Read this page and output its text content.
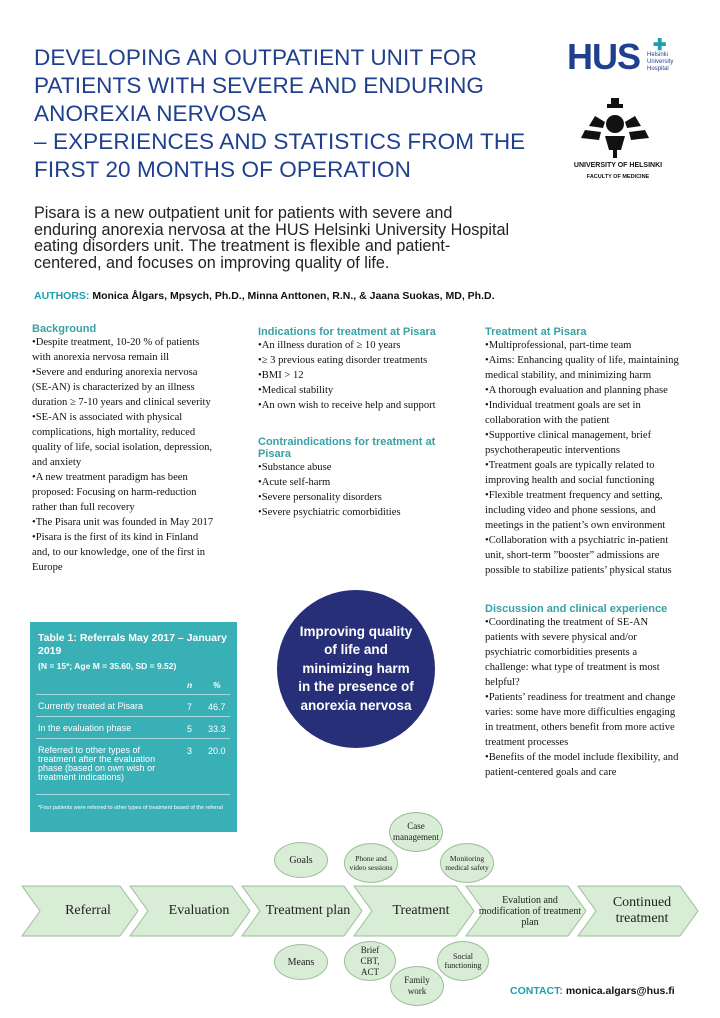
DEVELOPING AN OUTPATIENT UNIT FOR
PATIENTS WITH SEVERE AND ENDURING
ANOREXIA NERVOSA
– EXPERIENCES AND STATISTICS FROM THE
FIRST 20 MONTHS OF OPERATION
HUS ✚
Helsinki
University
Hospital
UNIVERSITY OF HELSINKI
FACULTY OF MEDICINE
Pisara is a new outpatient unit for patients with severe and
enduring anorexia nervosa at the HUS Helsinki University Hospital
eating disorders unit. The treatment is flexible and patient-
centered, and focuses on improving quality of life.
AUTHORS: Monica Ålgars, Mpsych, Ph.D., Minna Anttonen, R.N., & Jaana Suokas, MD, Ph.D.
Background
•Despite treatment, 10-20 % of patients
with anorexia nervosa remain ill
•Severe and enduring anorexia nervosa
(SE-AN) is characterized by an illness
duration ≥ 7-10 years and clinical severity
•SE-AN is associated with physical
complications, high mortality, reduced
quality of life, social isolation, depression,
and anxiety
•A new treatment paradigm has been
proposed: Focusing on harm-reduction
rather than full recovery
•The Pisara unit was founded in May 2017
•Pisara is the first of its kind in Finland
and, to our knowledge, one of the first in
Europe
Indications for treatment at Pisara
•An illness duration of ≥ 10 years
•≥ 3 previous eating disorder treatments
•BMI > 12
•Medical stability
•An own wish to receive help and support
Contraindications for treatment at
Pisara
•Substance abuse
•Acute self-harm
•Severe personality disorders
•Severe psychiatric comorbidities
Treatment at Pisara
•Multiprofessional, part-time team
•Aims: Enhancing quality of life, maintaining
medical stability, and minimizing harm
•A thorough evaluation and planning phase
•Individual treatment goals are set in
collaboration with the patient
•Supportive clinical management, brief
psychotherapeutic interventions
•Treatment goals are typically related to
improving health and social functioning
•Flexible treatment frequency and setting,
including video and phone sessions, and
meetings in the patient’s own environment
•Collaboration with a psychiatric in-patient
unit, short-term ”booster” admissions are
possible to stabilize patients’ physical status
Discussion and clinical experience
•Coordinating the treatment of SE-AN
patients with severe physical and/or
psychiatric comorbidities presents a
challenge: what type of treatment is most
helpful?
•Patients’ readiness for treatment and change
varies: some have more difficulties engaging
in treatment, others benefit from more active
treatment processes
•Benefits of the model include flexibility, and
patient-centered goals and care
Table 1: Referrals May 2017 – January 2019
(N = 15*; Age M = 35.60, SD = 9.52)
n %
Currently treated at Pisara	7 46.7
In the evaluation phase	5 33.3
Referred to other types of treatment after the evaluation phase (based on own wish or treatment indications)
3 20.0
*Four patients were referred to other types of treatment based of the referral
Improving quality of life and minimizing harm in the presence of anorexia nervosa
Referral	Evaluation	Treatment plan	Treatment
Evalution and modification of treatment plan
Continued treatment
Goals
Means
Case management
Phone and video sessions
Monitoring medical safety
Brief CBT, ACT
Social functioning
Family work	CONTACT: monica.algars@hus.fi
